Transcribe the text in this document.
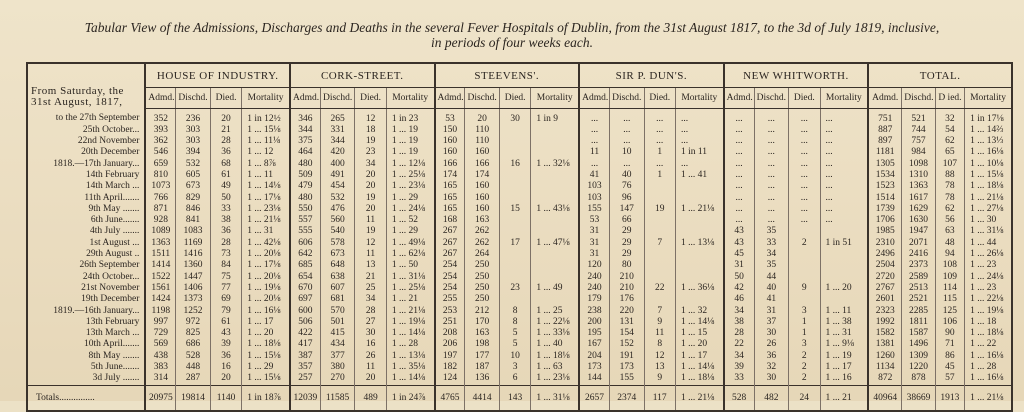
Tabular View of the Admissions, Discharges and Deaths in the several Fever Hospitals of Dublin, from the 31st August 1817, to the 3d of July 1819, inclusive,
in periods of four weeks each.
From Saturday, the 31st August, 1817,	HOUSE OF INDUSTRY.				CORK-STREET.				STEEVENS'.				SIR P. DUN'S.				NEW WHITWORTH.				TOTAL.			
	Admd.	Dischd.	Died.	Mortality	Admd.	Dischd.	Died.	Mortality	Admd.	Dischd.	Died.	Mortality	Admd.	Dischd.	Died.	Mortality	Admd.	Dischd.	Died.	Mortality	Admd.	Dischd.	D ied.	Mortality
to the 27th September	352	236	20	1 in 12½	346	265	12	1 in 23	53	20	30	1 in 9	...	...	...	...	...	...	...	...	751	521	32	1 in 17⅛
25th October...	393	303	21	1 ... 15⅛	344	331	18	1 ... 19	150	110			...	...	...	...	...	...	...	...	887	744	54	1 ... 14⅔
22nd November	362	303	28	1 ... 11⅛	375	344	19	1 ... 19	160	110			...	...	...	...	...	...	...	...	897	757	62	1 ... 13⅓
20th December	546	394	36	1 ... 12	464	420	23	1 ... 19	160	160			11	10	1	1 in 11	...	...	...	...	1181	984	65	1 ... 16⅛
1818.—17th January...	659	532	68	1 ... 8⅞	480	400	34	1 ... 12⅛	166	166	16	1 ... 32⅛	...	...	...	...	...	...	...	...	1305	1098	107	1 ... 10⅛
14th February	810	605	61	1 ... 11	509	491	20	1 ... 25⅛	174	174			41	40	1	1 ... 41	...	...	...	...	1534	1310	88	1 ... 15⅛
14th March ...	1073	673	49	1 ... 14⅛	479	454	20	1 ... 23⅛	165	160			103	76			...	...	...	...	1523	1363	78	1 ... 18⅛
11th April.......	766	829	50	1 ... 17⅛	480	532	19	1 ... 29	165	160			103	96			...	...	...	...	1514	1617	78	1 ... 21⅛
9th May .......	871	846	33	1 ... 23⅛	550	476	20	1 ... 24⅛	165	160	15	1 ... 43⅛	155	147	19	1 ... 21⅛	...	...	...	...	1739	1629	62	1 ... 27⅛
6th June.......	928	841	38	1 ... 21⅛	557	560	11	1 ... 52	168	163			53	66			...	...	...	...	1706	1630	56	1 ... 30
4th July .......	1089	1083	36	1 ... 31	555	540	19	1 ... 29	267	262			31	29			43	35			1985	1947	63	1 ... 31⅛
1st August ...	1363	1169	28	1 ... 42⅛	606	578	12	1 ... 49⅛	267	262	17	1 ... 47⅛	31	29	7	1 ... 13⅛	43	33	2	1 in 51	2310	2071	48	1 ... 44
29th August ..	1511	1416	73	1 ... 20⅛	642	673	11	1 ... 62⅛	267	264			31	29			45	34			2496	2416	94	1 ... 26⅛
26th September	1414	1360	84	1 ... 17⅛	685	648	13	1 ... 50	254	250			120	80			31	35			2504	2373	108	1 ... 23
24th October...	1522	1447	75	1 ... 20⅛	654	638	21	1 ... 31⅛	254	250			240	210			50	44			2720	2589	109	1 ... 24⅛
21st November	1561	1406	77	1 ... 19⅛	670	607	25	1 ... 25⅛	254	250	23	1 ... 49	240	210	22	1 ... 36⅛	42	40	9	1 ... 20	2767	2513	114	1 ... 23
19th December	1424	1373	69	1 ... 20⅛	697	681	34	1 ... 21	255	250			179	176			46	41			2601	2521	115	1 ... 22⅛
1819.—16th January...	1198	1252	79	1 ... 16⅛	600	570	28	1 ... 21⅛	253	212	8	1 ... 25	238	220	7	1 ... 32	34	31	3	1 ... 11	2323	2285	125	1 ... 19⅛
13th February	997	972	61	1 ... 17	506	501	27	1 ... 19⅛	251	170	8	1 ... 22⅛	200	131	9	1 ... 14⅛	38	37	1	1 ... 38	1992	1811	106	1 ... 18
13th March ...	729	825	43	1 ... 20	422	415	30	1 ... 14⅛	208	163	5	1 ... 33⅛	195	154	11	1 ... 15	28	30	1	1 ... 31	1582	1587	90	1 ... 18⅛
10th April.......	569	686	39	1 ... 18⅛	417	434	16	1 ... 28	206	198	5	1 ... 40	167	152	8	1 ... 20	22	26	3	1 ... 9⅛	1381	1496	71	1 ... 22
8th May .......	438	528	36	1 ... 15⅛	387	377	26	1 ... 13⅛	197	177	10	1 ... 18⅛	204	191	12	1 ... 17	34	36	2	1 ... 19	1260	1309	86	1 ... 16⅛
5th June.......	383	448	16	1 ... 29	357	380	11	1 ... 35⅛	182	187	3	1 ... 63	173	173	13	1 ... 14⅛	39	32	2	1 ... 17	1134	1220	45	1 ... 28
3d July .......	314	287	20	1 ... 15⅛	257	270	20	1 ... 14⅛	124	136	6	1 ... 23⅛	144	155	9	1 ... 18⅛	33	30	2	1 ... 16	872	878	57	1 ... 16⅛
Totals...............	20975	19814	1140	1 in 18⅞	12039	11585	489	1 in 24⅞	4765	4414	143	1 ... 31⅛	2657	2374	117	1 ... 21⅛	528	482	24	1 ... 21	40964	38669	1913	1 ... 21⅛
